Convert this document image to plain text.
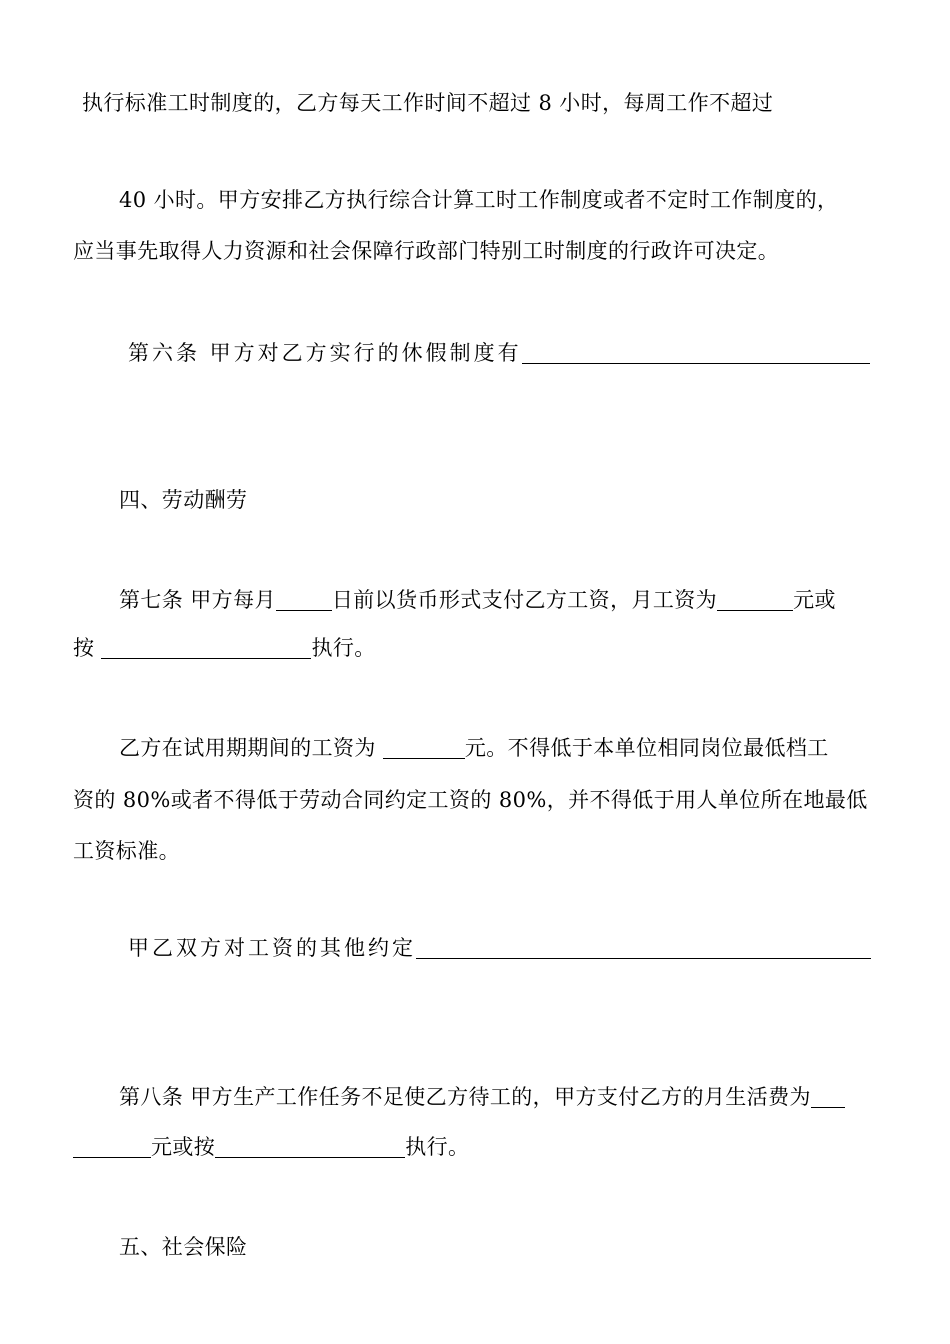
执行标准工时制度的，乙方每天工作时间不超过 8 小时，每周工作不超过
40 小时。甲方安排乙方执行综合计算工时工作制度或者不定时工作制度的，
应当事先取得人力资源和社会保障行政部门特别工时制度的行政许可决定。
第六条 甲方对乙方实行的休假制度有
四、劳动酬劳
第七条 甲方每月	日前以货币形式支付乙方工资，月工资为	元或
按	执行。
乙方在试用期期间的工资为	元。不得低于本单位相同岗位最低档工
资的 80%或者不得低于劳动合同约定工资的 80%，并不得低于用人单位所在地最低
工资标准。
甲乙双方对工资的其他约定
第八条 甲方生产工作任务不足使乙方待工的，甲方支付乙方的月生活费为
元或按	执行。
五、社会保险
